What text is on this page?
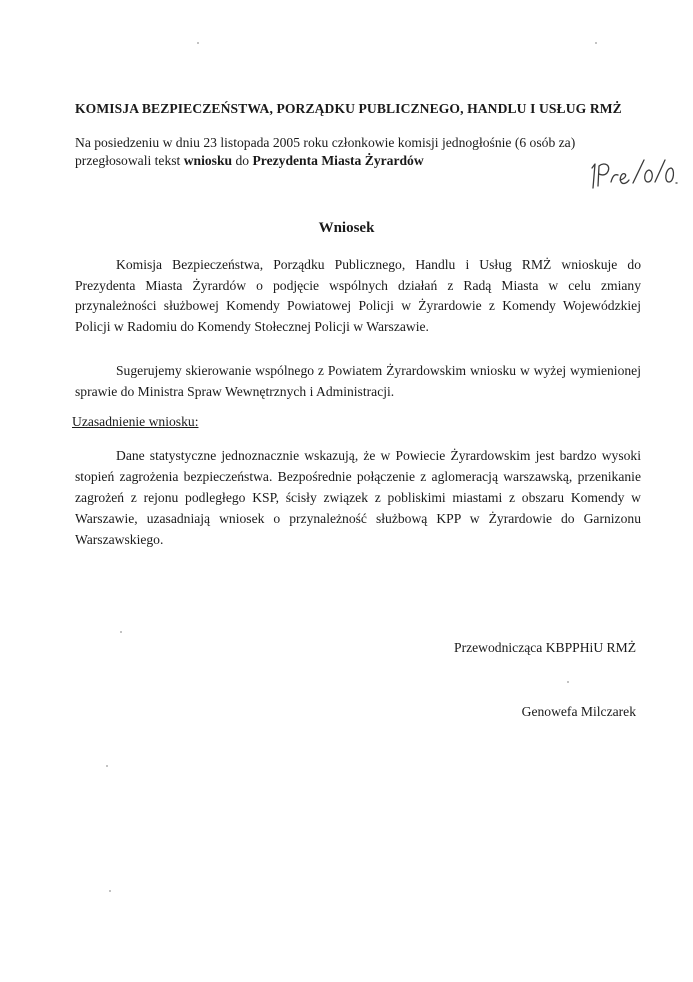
KOMISJA BEZPIECZEŃSTWA, PORZĄDKU PUBLICZNEGO, HANDLU I USŁUG RMŻ
Na posiedzeniu w dniu 23 listopada 2005 roku członkowie komisji jednogłośnie (6 osób za)
przegłosowali tekst wniosku do Prezydenta Miasta Żyrardów
Wniosek
Komisja Bezpieczeństwa, Porządku Publicznego, Handlu i Usług RMŻ wnioskuje do Prezydenta Miasta Żyrardów o podjęcie wspólnych działań z Radą Miasta w celu zmiany przynależności służbowej Komendy Powiatowej Policji w Żyrardowie z Komendy Wojewódzkiej Policji w Radomiu do Komendy Stołecznej Policji w Warszawie.
Sugerujemy skierowanie wspólnego z Powiatem Żyrardowskim wniosku w wyżej wymienionej sprawie do Ministra Spraw Wewnętrznych i Administracji.
Uzasadnienie wniosku:
Dane statystyczne jednoznacznie wskazują, że w Powiecie Żyrardowskim jest bardzo wysoki stopień zagrożenia bezpieczeństwa. Bezpośrednie połączenie z aglomeracją warszawską, przenikanie zagrożeń z rejonu podległego KSP, ścisły związek z pobliskimi miastami z obszaru Komendy w Warszawie, uzasadniają wniosek o przynależność służbową KPP w Żyrardowie do Garnizonu Warszawskiego.
Przewodnicząca KBPPHiU RMŻ
Genowefa Milczarek
